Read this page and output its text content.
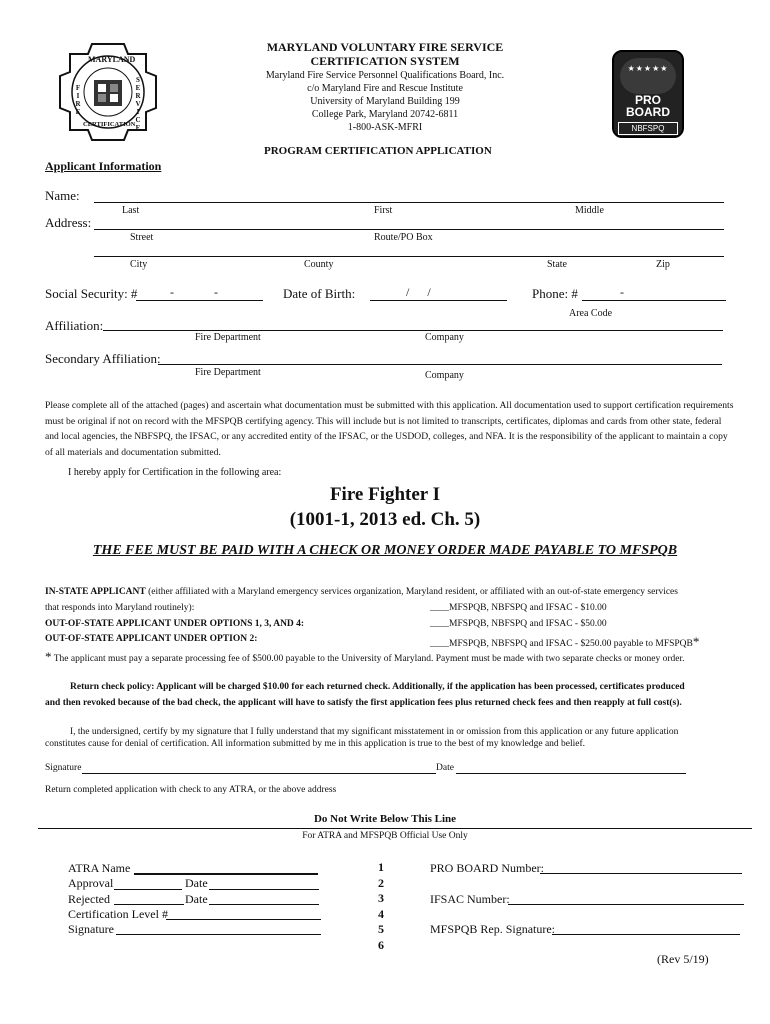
MARYLAND
FIRE	SERVICE
CERTIFICATION
MARYLAND VOLUNTARY FIRE SERVICE
CERTIFICATION SYSTEM
Maryland Fire Service Personnel Qualifications Board, Inc.
c/o Maryland Fire and Rescue Institute
University of Maryland Building 199
College Park, Maryland 20742-6811
1-800-ASK-MFRI
★★★★★
PRO
BOARD
NBFSPQ
PROGRAM CERTIFICATION APPLICATION
Applicant Information
Name:
Last	First	Middle
Address:
Street	Route/PO Box
City	County	State	Zip
Social Security: #	-	-	Date of Birth:	/      /	Phone: #	-
Area Code
Affiliation:
Fire Department	Company
Secondary Affiliation:
Fire Department	Company
Please complete all of the attached (pages) and ascertain what documentation must be submitted with this application. All documentation used to support certification requirements must be original if not on record with the MFSPQB certifying agency. This will include but is not limited to transcripts, certificates, diplomas and cards from other state, federal and local agencies, the NBFSPQ, the IFSAC, or any accredited entity of the IFSAC, or the USDOD, colleges, and NFA. It is the responsibility of the applicant to maintain a copy of all materials and documentation submitted.
I hereby apply for Certification in the following area:
Fire Fighter I
(1001-1, 2013 ed. Ch. 5)
THE FEE MUST BE PAID WITH A CHECK OR MONEY ORDER MADE PAYABLE TO MFSPQB
IN-STATE APPLICANT (either affiliated with a Maryland emergency services organization, Maryland resident, or affiliated with an out-of-state emergency services
that responds into Maryland routinely):	____MFSPQB, NBFSPQ and IFSAC - $10.00
OUT-OF-STATE APPLICANT UNDER OPTIONS 1, 3, AND 4:	____MFSPQB, NBFSPQ and IFSAC - $50.00
OUT-OF-STATE APPLICANT UNDER OPTION 2:	____MFSPQB, NBFSPQ and IFSAC - $250.00 payable to MFSPQB*
* The applicant must pay a separate processing fee of $500.00 payable to the University of Maryland. Payment must be made with two separate checks or money order.
Return check policy: Applicant will be charged $10.00 for each returned check. Additionally, if the application has been processed, certificates produced
and then revoked because of the bad check, the applicant will have to satisfy the first application fees plus returned check fees and then reapply at full cost(s).
I, the undersigned, certify by my signature that I fully understand that my significant misstatement in or omission from this application or any future application
constitutes cause for denial of certification. All information submitted by me in this application is true to the best of my knowledge and belief.
Signature	Date
Return completed application with check to any ATRA, or the above address
Do Not Write Below This Line
For ATRA and MFSPQB Official Use Only
ATRA Name
Approval	Date
Rejected	Date
Certification Level #
Signature
1
2
3
4
5
6
PRO BOARD Number:
IFSAC Number:
MFSPQB Rep. Signature:
(Rev 5/19)
